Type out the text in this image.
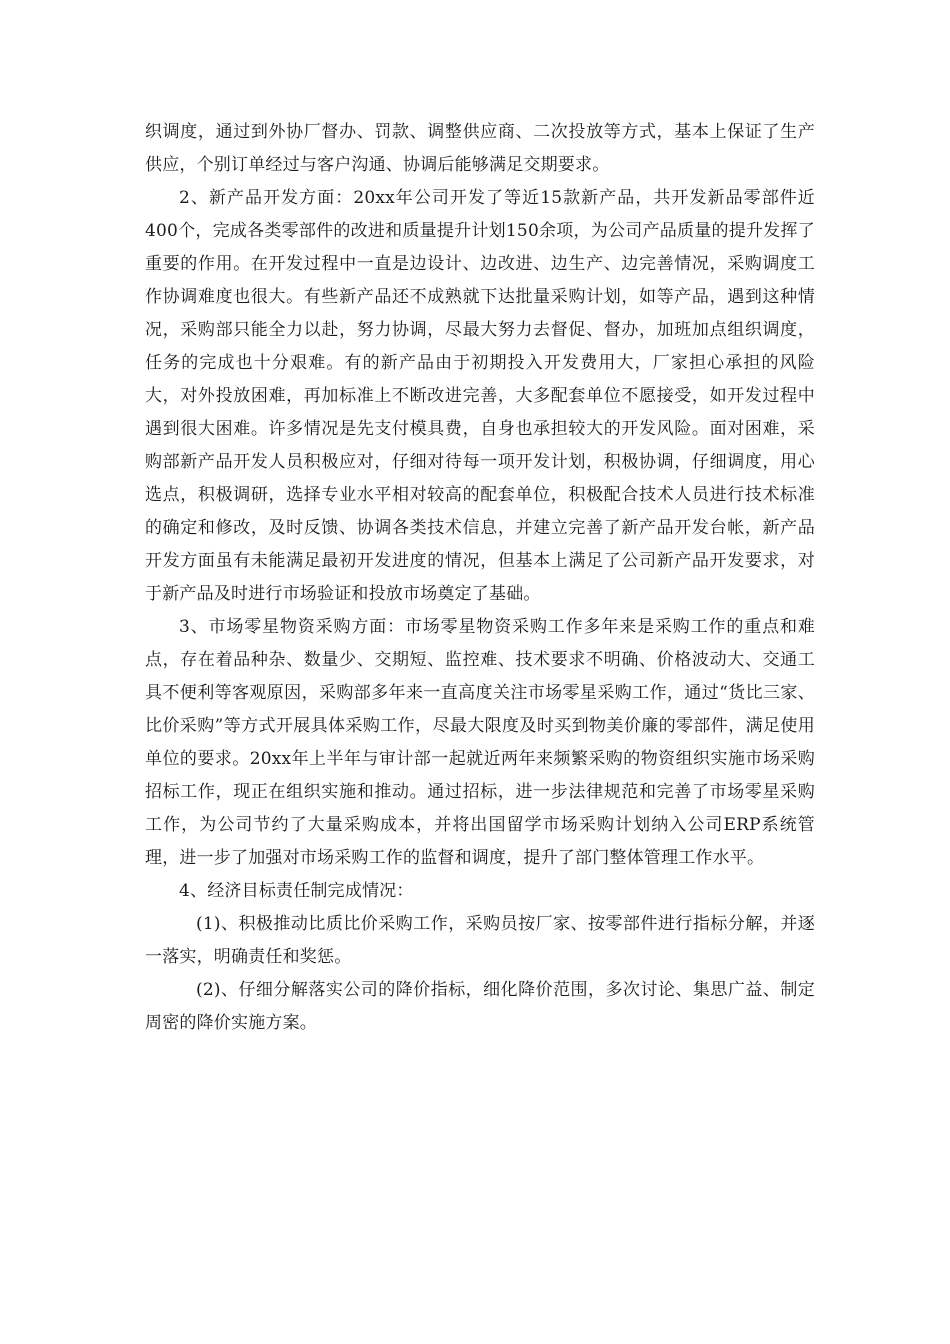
织调度，通过到外协厂督办、罚款、调整供应商、二次投放等方式，基本上保证了生产供应，个别订单经过与客户沟通、协调后能够满足交期要求。

2、新产品开发方面：20xx年公司开发了等近15款新产品，共开发新品零部件近400个，完成各类零部件的改进和质量提升计划150余项，为公司产品质量的提升发挥了重要的作用。在开发过程中一直是边设计、边改进、边生产、边完善情况，采购调度工作协调难度也很大。有些新产品还不成熟就下达批量采购计划，如等产品，遇到这种情况，采购部只能全力以赴，努力协调，尽最大努力去督促、督办，加班加点组织调度，任务的完成也十分艰难。有的新产品由于初期投入开发费用大，厂家担心承担的风险大，对外投放困难，再加标准上不断改进完善，大多配套单位不愿接受，如开发过程中遇到很大困难。许多情况是先支付模具费，自身也承担较大的开发风险。面对困难，采购部新产品开发人员积极应对，仔细对待每一项开发计划，积极协调，仔细调度，用心选点，积极调研，选择专业水平相对较高的配套单位，积极配合技术人员进行技术标准的确定和修改，及时反馈、协调各类技术信息，并建立完善了新产品开发台帐，新产品开发方面虽有未能满足最初开发进度的情况，但基本上满足了公司新产品开发要求，对于新产品及时进行市场验证和投放市场奠定了基础。

3、市场零星物资采购方面：市场零星物资采购工作多年来是采购工作的重点和难点，存在着品种杂、数量少、交期短、监控难、技术要求不明确、价格波动大、交通工具不便利等客观原因，采购部多年来一直高度关注市场零星采购工作，通过“货比三家、比价采购”等方式开展具体采购工作，尽最大限度及时买到物美价廉的零部件，满足使用单位的要求。20xx年上半年与审计部一起就近两年来频繁采购的物资组织实施市场采购招标工作，现正在组织实施和推动。通过招标，进一步法律规范和完善了市场零星采购工作，为公司节约了大量采购成本，并将出国留学市场采购计划纳入公司ERP系统管理，进一步了加强对市场采购工作的监督和调度，提升了部门整体管理工作水平。

4、经济目标责任制完成情况：

(1)、积极推动比质比价采购工作，采购员按厂家、按零部件进行指标分解，并逐一落实，明确责任和奖惩。

(2)、仔细分解落实公司的降价指标，细化降价范围，多次讨论、集思广益、制定周密的降价实施方案。
